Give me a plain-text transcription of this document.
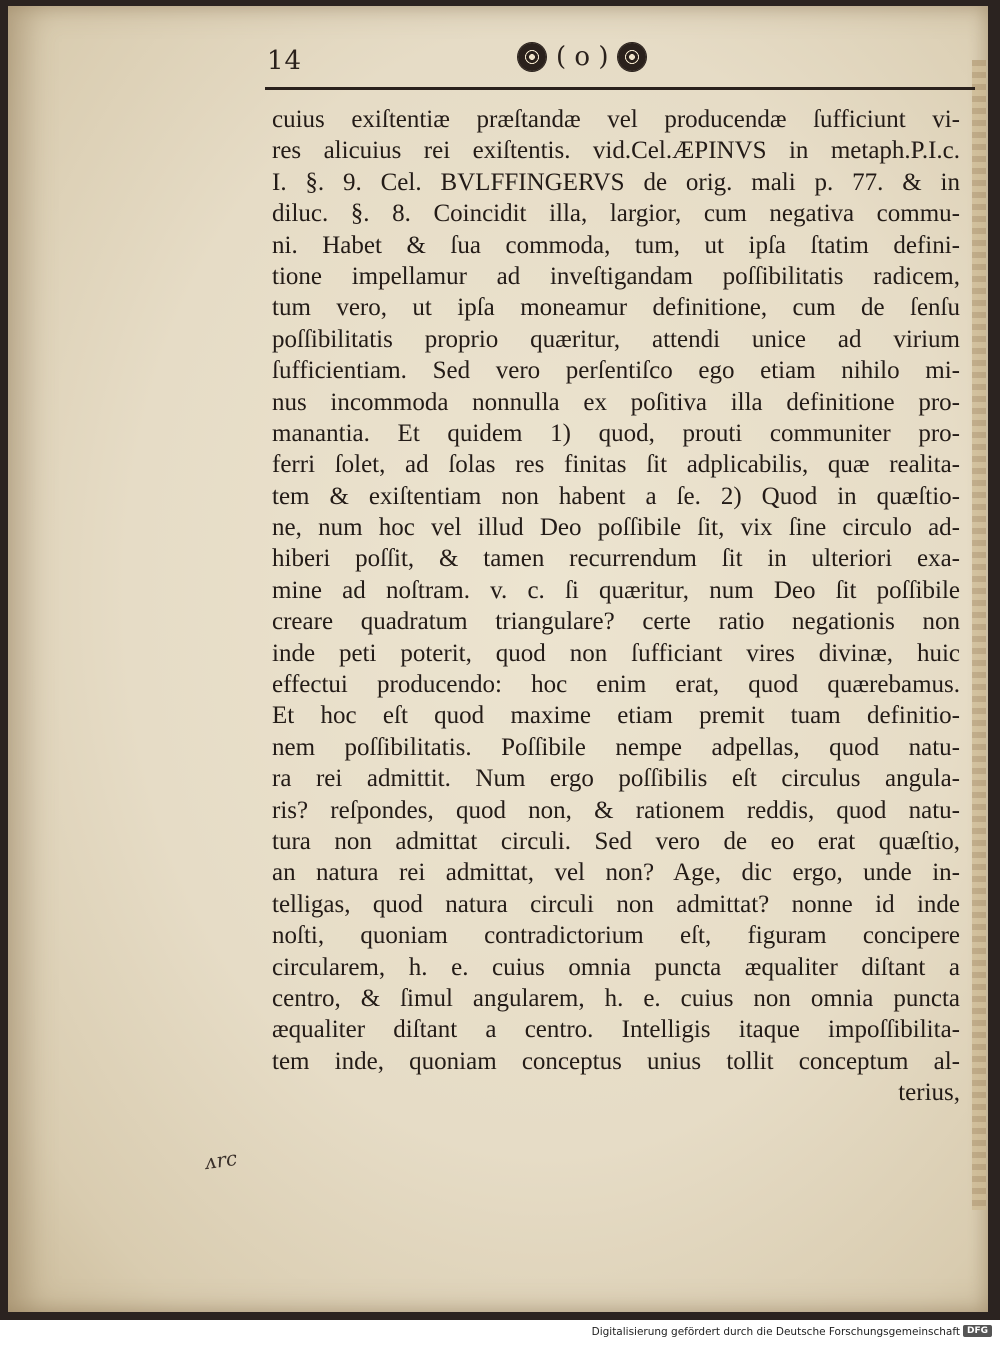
14	( o )
cuius exiſtentiæ præſtandæ vel producendæ ſufficiunt vi-
res alicuius rei exiſtentis. vid.Cel.ÆPINVS in metaph.P.I.c.
I. §. 9. Cel. BVLFFINGERVS de orig. mali p. 77. & in
diluc. §. 8. Coincidit illa, largior, cum negativa commu-
ni. Habet & ſua commoda, tum, ut ipſa ſtatim defini-
tione impellamur ad inveſtigandam poſſibilitatis radicem,
tum vero, ut ipſa moneamur definitione, cum de ſenſu
poſſibilitatis proprio quæritur, attendi unice ad virium
ſufficientiam. Sed vero perſentiſco ego etiam nihilo mi-
nus incommoda nonnulla ex poſitiva illa definitione pro-
manantia. Et quidem 1) quod, prouti communiter pro-
ferri ſolet, ad ſolas res finitas ſit adplicabilis, quæ realita-
tem & exiſtentiam non habent a ſe. 2) Quod in quæſtio-
ne, num hoc vel illud Deo poſſibile ſit, vix ſine circulo ad-
hiberi poſſit, & tamen recurrendum ſit in ulteriori exa-
mine ad noſtram. v. c. ſi quæritur, num Deo ſit poſſibile
creare quadratum triangulare? certe ratio negationis non
inde peti poterit, quod non ſufficiant vires divinæ, huic
effectui producendo: hoc enim erat, quod quærebamus.
Et hoc eſt quod maxime etiam premit tuam definitio-
nem poſſibilitatis. Poſſibile nempe adpellas, quod natu-
ra rei admittit. Num ergo poſſibilis eſt circulus angula-
ris? reſpondes, quod non, & rationem reddis, quod natu-
tura non admittat circuli. Sed vero de eo erat quæſtio,
an natura rei admittat, vel non? Age, dic ergo, unde in-
telligas, quod natura circuli non admittat? nonne id inde
noſti, quoniam contradictorium eſt, figuram concipere
circularem, h. e. cuius omnia puncta æqualiter diſtant a
centro, & ſimul angularem, h. e. cuius non omnia puncta
æqualiter diſtant a centro. Intelligis itaque impoſſibilita-
tem inde, quoniam conceptus unius tollit conceptum al-
terius,
ᴧrc
Digitalisierung gefördert durch die Deutsche Forschungsgemeinschaft DFG
